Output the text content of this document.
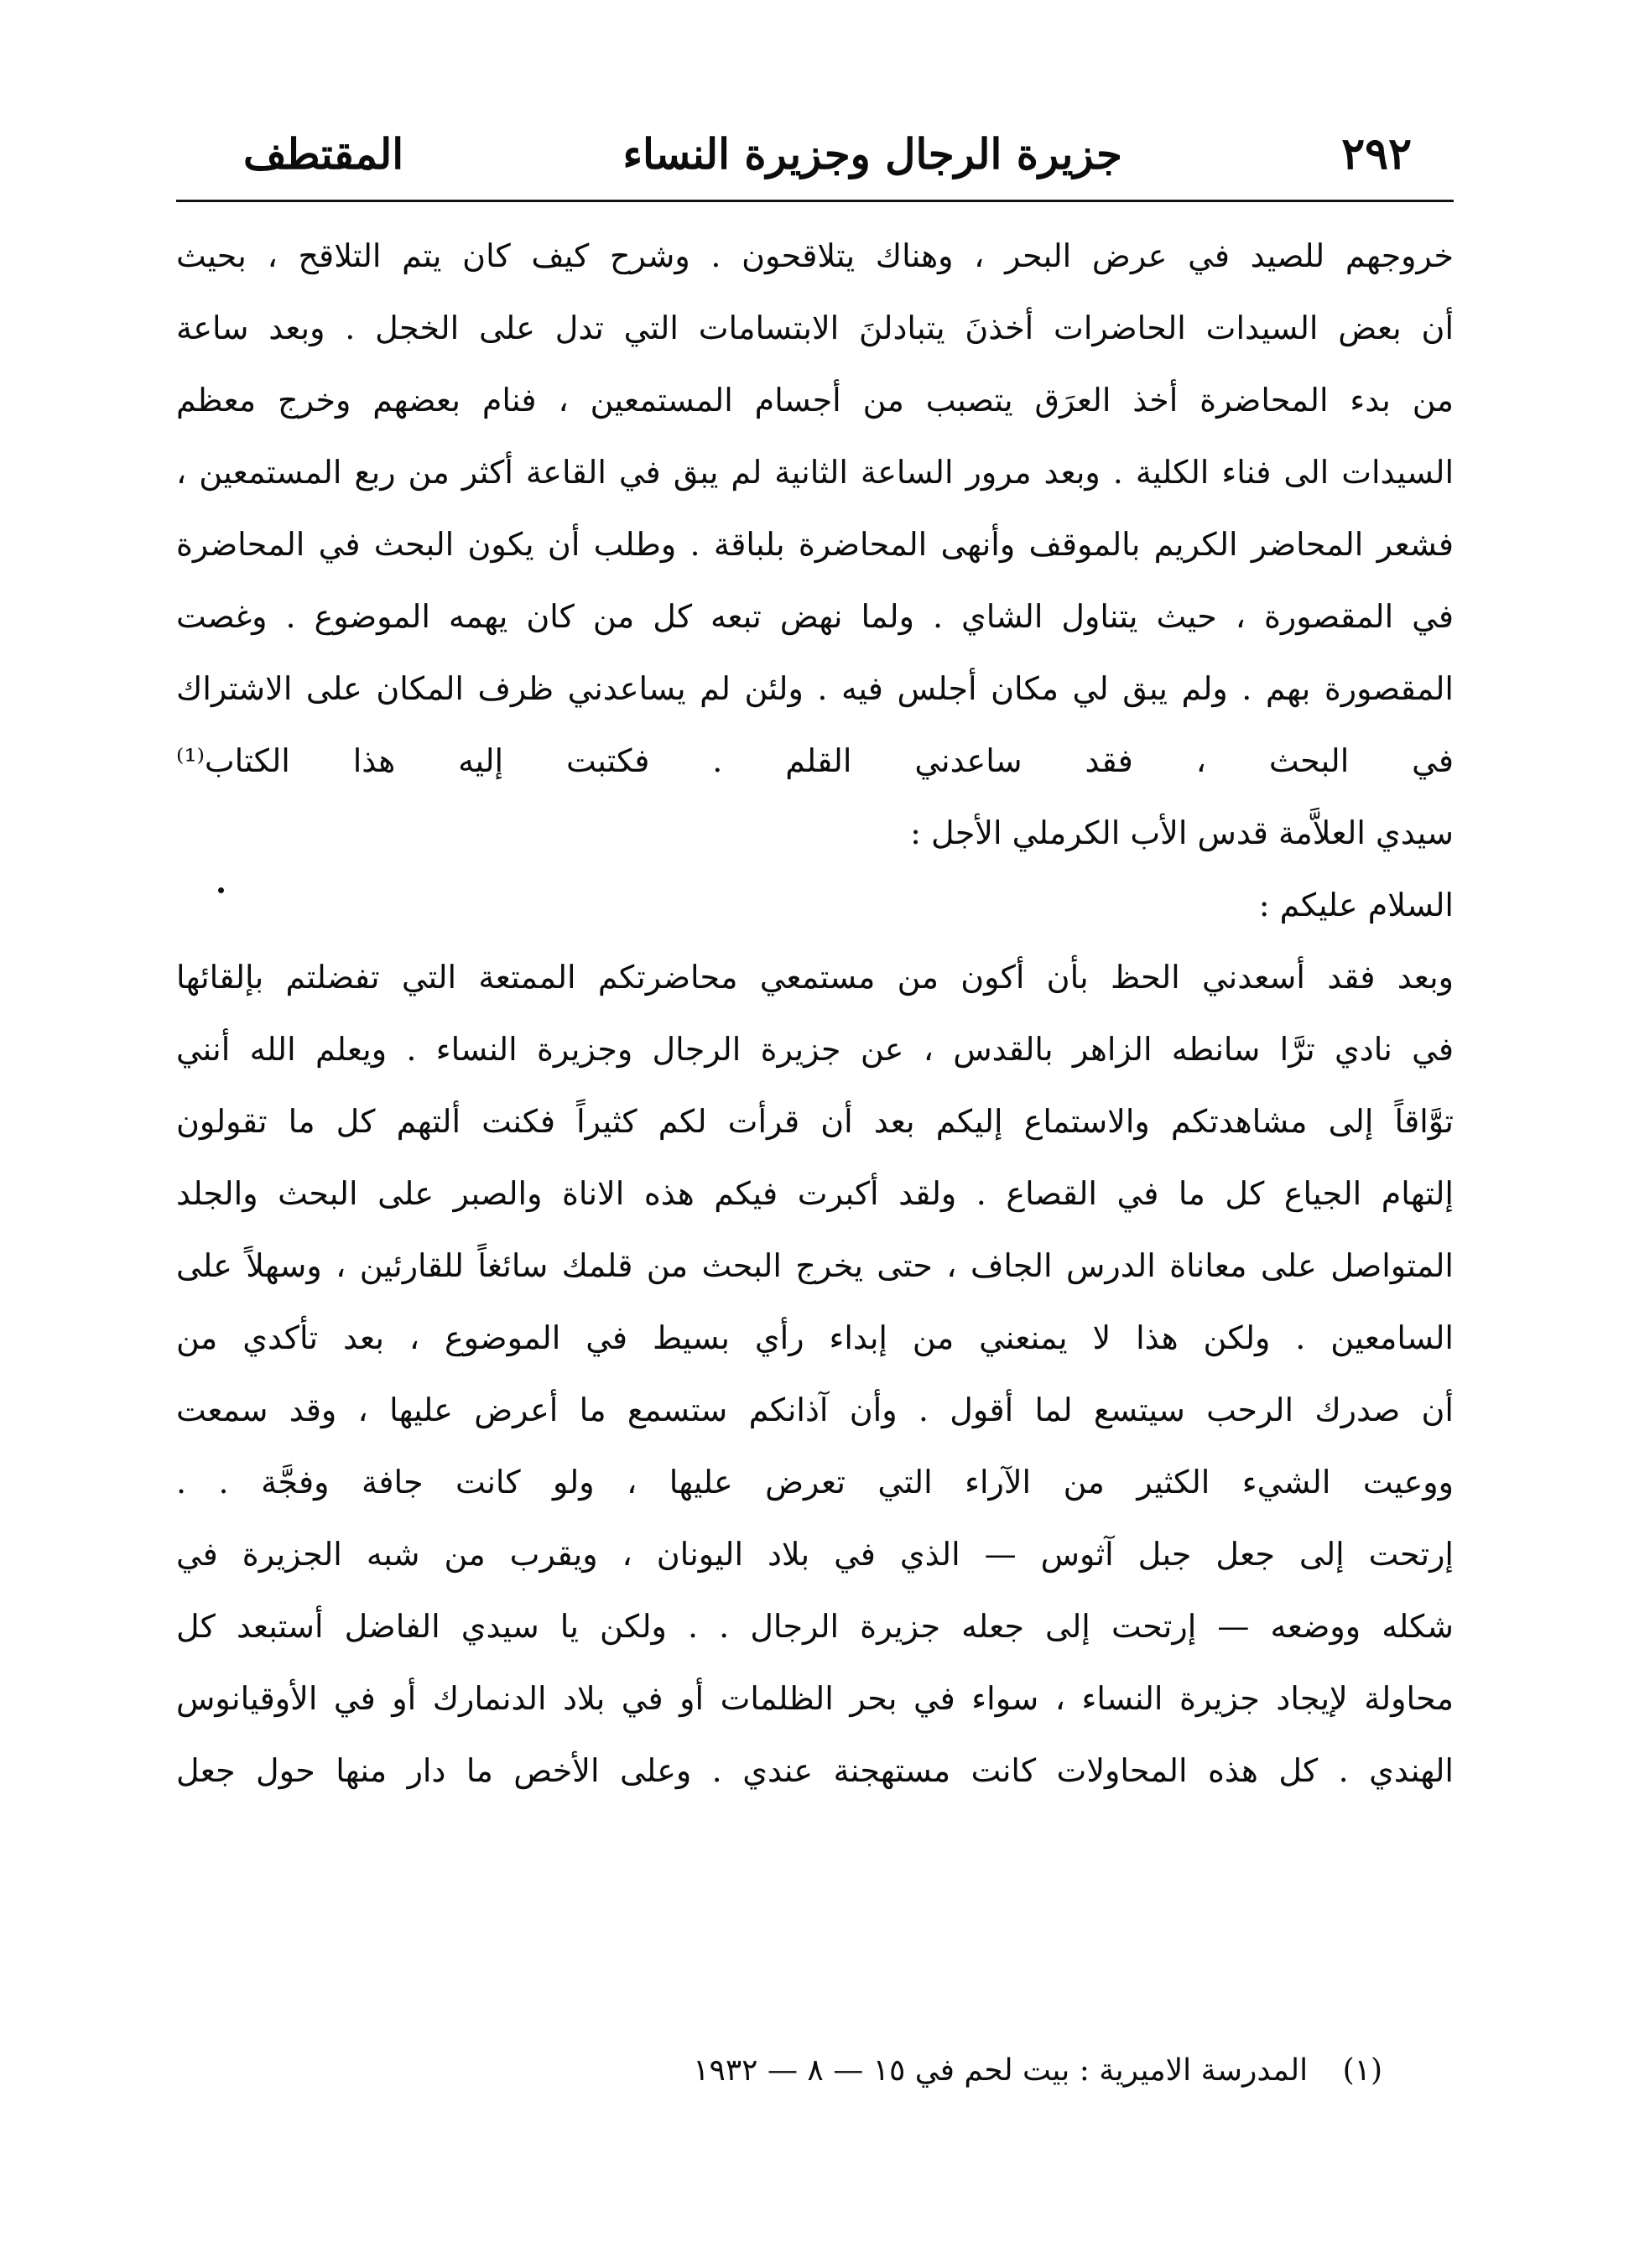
٢٩٢
جزيرة الرجال وجزيرة النساء
المقتطف
خروجهم للصيد في عرض البحر ، وهناك يتلاقحون . وشرح كيف كان يتم التلاقح ، بحيث
أن بعض السيدات الحاضرات أخذنَ يتبادلنَ الابتسامات التي تدل على الخجل . وبعد ساعة
من بدء المحاضرة أخذ العرَق يتصبب من أجسام المستمعين ، فنام بعضهم وخرج معظم
السيدات الى فناء الكلية . وبعد مرور الساعة الثانية لم يبق في القاعة أكثر من ربع المستمعين ،
فشعر المحاضر الكريم بالموقف وأنهى المحاضرة بلباقة . وطلب أن يكون البحث في المحاضرة
في المقصورة ، حيث يتناول الشاي . ولما نهض تبعه كل من كان يهمه الموضوع . وغصت
المقصورة بهم . ولم يبق لي مكان أجلس فيه . ولئن لم يساعدني ظرف المكان على الاشتراك
في البحث ، فقد ساعدني القلم . فكتبت إليه هذا الكتاب⁽¹⁾
سيدي العلاَّمة قدس الأب الكرملي الأجل :
السلام عليكم :
وبعد فقد أسعدني الحظ بأن أكون من مستمعي محاضرتكم الممتعة التي تفضلتم بإلقائها
في نادي ترَّا سانطه الزاهر بالقدس ، عن جزيرة الرجال وجزيرة النساء . ويعلم الله أنني
توَّاقاً إلى مشاهدتكم والاستماع إليكم بعد أن قرأت لكم كثيراً فكنت ألتهم كل ما تقولون
إلتهام الجياع كل ما في القصاع . ولقد أكبرت فيكم هذه الاناة والصبر على البحث والجلد
المتواصل على معاناة الدرس الجاف ، حتى يخرج البحث من قلمك سائغاً للقارئين ، وسهلاً على
السامعين . ولكن هذا لا يمنعني من إبداء رأي بسيط في الموضوع ، بعد تأكدي من
أن صدرك الرحب سيتسع لما أقول . وأن آذانكم ستسمع ما أعرض عليها ، وقد سمعت
ووعيت الشيء الكثير من الآراء التي تعرض عليها ، ولو كانت جافة وفجَّة . .
إرتحت إلى جعل جبل آثوس — الذي في بلاد اليونان ، ويقرب من شبه الجزيرة في
شكله ووضعه — إرتحت إلى جعله جزيرة الرجال . . ولكن يا سيدي الفاضل أستبعد كل
محاولة لإيجاد جزيرة النساء ، سواء في بحر الظلمات أو في بلاد الدنمارك أو في الأوقيانوس
الهندي . كل هذه المحاولات كانت مستهجنة عندي . وعلى الأخص ما دار منها حول جعل
(١) المدرسة الاميرية : بيت لحم في ١٥ — ٨ — ١٩٣٢
